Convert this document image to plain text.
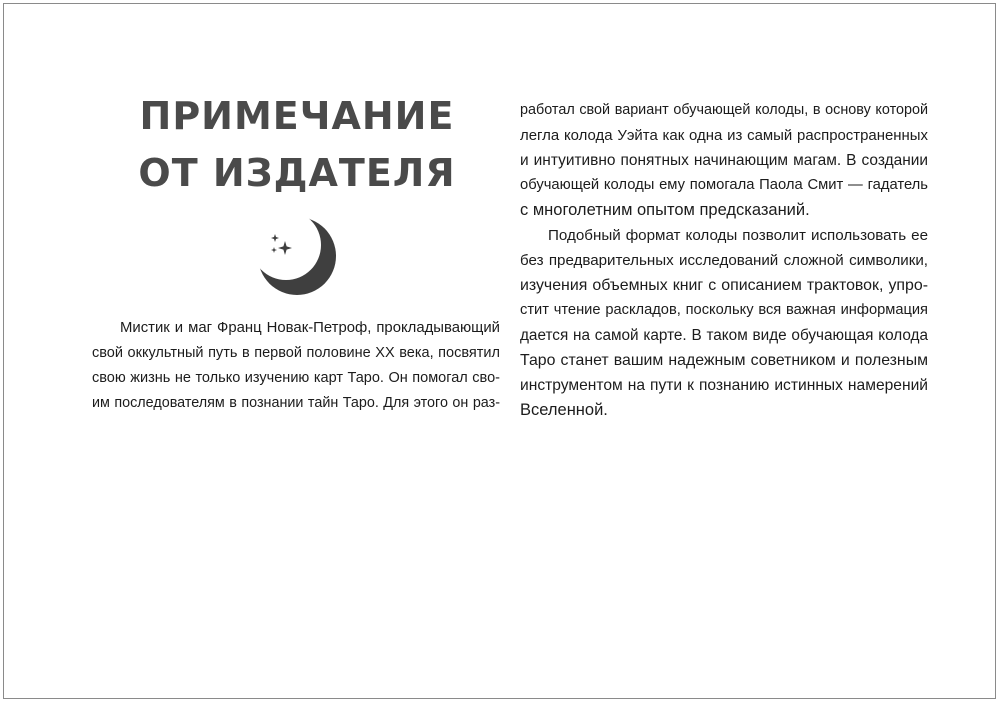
ПРИМЕЧАНИЕ
ОТ ИЗДАТЕЛЯ
Мистик и маг Франц Новак-Петроф, прокладывающий
свой оккультный путь в первой половине XX века, посвятил
свою жизнь не только изучению карт Таро. Он помогал сво-
им последователям в познании тайн Таро. Для этого он раз-
работал свой вариант обучающей колоды, в основу которой
легла колода Уэйта как одна из самый распространенных
и интуитивно понятных начинающим магам. В создании
обучающей колоды ему помогала Паола Смит — гадатель
с многолетним опытом предсказаний.
Подобный формат колоды позволит использовать ее
без предварительных исследований сложной символики,
изучения объемных книг с описанием трактовок, упро-
стит чтение раскладов, поскольку вся важная информация
дается на самой карте. В таком виде обучающая колода
Таро станет вашим надежным советником и полезным
инструментом на пути к познанию истинных намерений
Вселенной.
